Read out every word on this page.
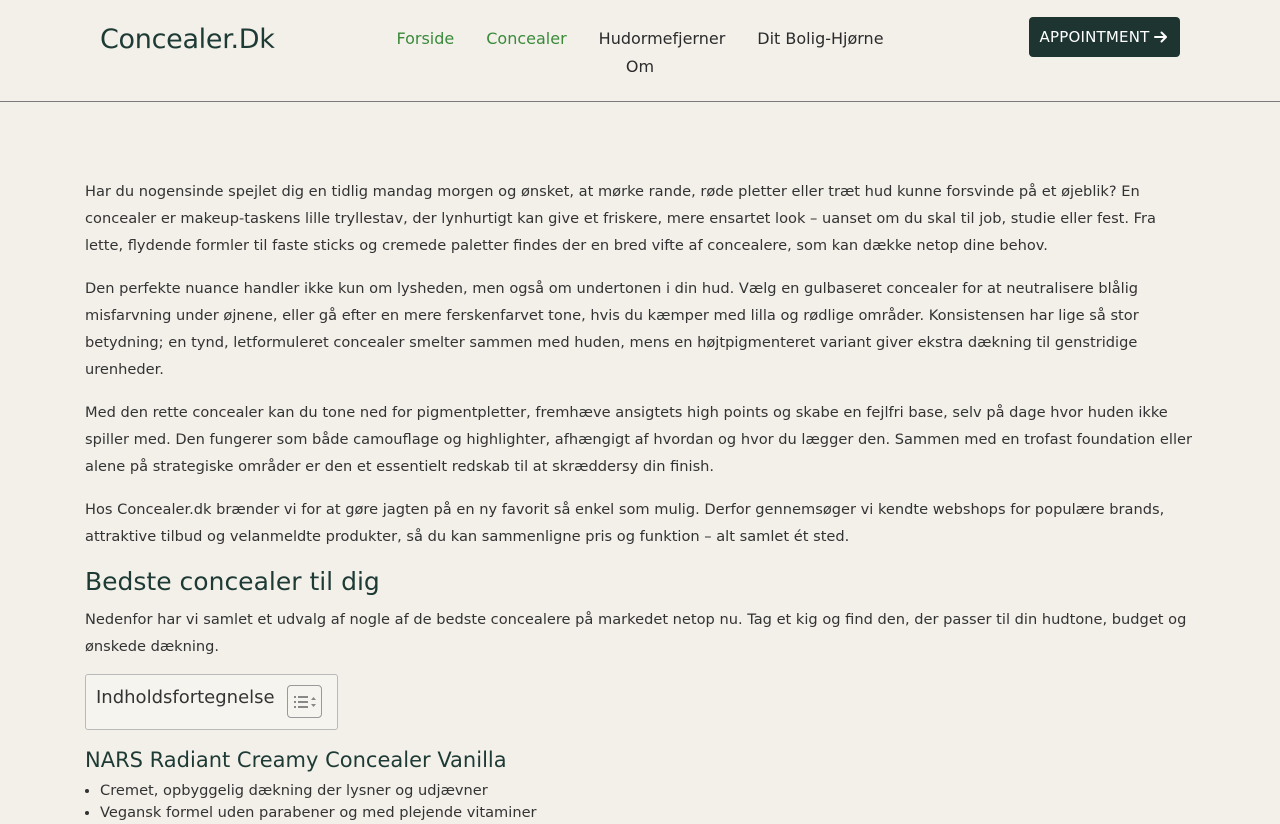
Concealer.Dk	Forside Concealer Hudormefjerner Dit Bolig-Hjørne
Om
APPOINTMENT

Har du nogensinde spejlet dig en tidlig mandag morgen og ønsket, at mørke rande, røde pletter eller træt hud kunne forsvinde på et øjeblik? En concealer er makeup-taskens lille tryllestav, der lynhurtigt kan give et friskere, mere ensartet look – uanset om du skal til job, studie eller fest. Fra lette, flydende formler til faste sticks og cremede paletter findes der en bred vifte af concealere, som kan dække netop dine behov.

Den perfekte nuance handler ikke kun om lysheden, men også om undertonen i din hud. Vælg en gulbaseret concealer for at neutralisere blålig misfarvning under øjnene, eller gå efter en mere ferskenfarvet tone, hvis du kæmper med lilla og rødlige områder. Konsistensen har lige så stor betydning; en tynd, letformuleret concealer smelter sammen med huden, mens en højtpigmenteret variant giver ekstra dækning til genstridige urenheder.

Med den rette concealer kan du tone ned for pigmentpletter, fremhæve ansigtets high points og skabe en fejlfri base, selv på dage hvor huden ikke spiller med. Den fungerer som både camouflage og highlighter, afhængigt af hvordan og hvor du lægger den. Sammen med en trofast foundation eller alene på strategiske områder er den et essentielt redskab til at skræddersy din finish.

Hos Concealer.dk brænder vi for at gøre jagten på en ny favorit så enkel som mulig. Derfor gennemsøger vi kendte webshops for populære brands, attraktive tilbud og velanmeldte produkter, så du kan sammenligne pris og funktion – alt samlet ét sted.

Bedste concealer til dig

Nedenfor har vi samlet et udvalg af nogle af de bedste concealere på markedet netop nu. Tag et kig og find den, der passer til din hudtone, budget og ønskede dækning.

Indholdsfortegnelse
NARS Radiant Creamy Concealer Vanilla
• Cremet, opbyggelig dækning der lysner og udjævner
• Vegansk formel uden parabener og med plejende vitaminer
